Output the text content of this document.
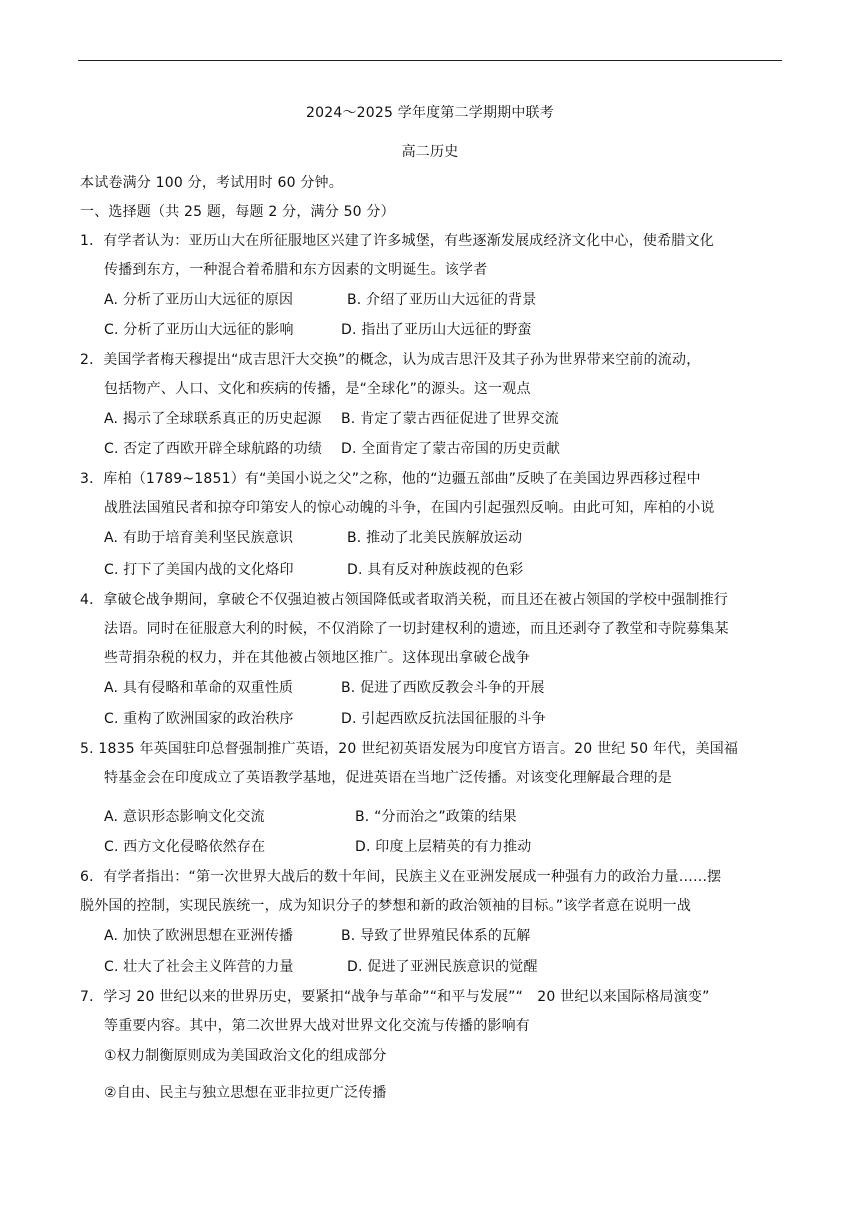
2024～2025 学年度第二学期期中联考
高二历史
本试卷满分 100 分，考试用时 60 分钟。
一、选择题（共 25 题，每题 2 分，满分 50 分）
1．有学者认为：亚历山大在所征服地区兴建了许多城堡，有些逐渐发展成经济文化中心，使希腊文化
传播到东方，一种混合着希腊和东方因素的文明诞生。该学者
A. 分析了亚历山大远征的原因	B. 介绍了亚历山大远征的背景
C. 分析了亚历山大远征的影响	D. 指出了亚历山大远征的野蛮
2．美国学者梅天穆提出“成吉思汗大交换”的概念，认为成吉思汗及其子孙为世界带来空前的流动，
包括物产、人口、文化和疾病的传播，是“全球化”的源头。这一观点
A. 揭示了全球联系真正的历史起源 B. 肯定了蒙古西征促进了世界交流
C. 否定了西欧开辟全球航路的功绩 D. 全面肯定了蒙古帝国的历史贡献
3．库柏（1789~1851）有“美国小说之父”之称，他的“边疆五部曲”反映了在美国边界西移过程中
战胜法国殖民者和掠夺印第安人的惊心动魄的斗争，在国内引起强烈反响。由此可知，库柏的小说
A. 有助于培育美利坚民族意识	B. 推动了北美民族解放运动
C. 打下了美国内战的文化烙印	D. 具有反对种族歧视的色彩
4．拿破仑战争期间，拿破仑不仅强迫被占领国降低或者取消关税，而且还在被占领国的学校中强制推行
法语。同时在征服意大利的时候，不仅消除了一切封建权利的遗迹，而且还剥夺了教堂和寺院募集某
些苛捐杂税的权力，并在其他被占领地区推广。这体现出拿破仑战争
A. 具有侵略和革命的双重性质	B. 促进了西欧反教会斗争的开展
C. 重构了欧洲国家的政治秩序	D. 引起西欧反抗法国征服的斗争
5. 1835 年英国驻印总督强制推广英语，20 世纪初英语发展为印度官方语言。20 世纪 50 年代，美国福
特基金会在印度成立了英语教学基地，促进英语在当地广泛传播。对该变化理解最合理的是
A. 意识形态影响文化交流	B. “分而治之”政策的结果
C. 西方文化侵略依然存在	D. 印度上层精英的有力推动
6．有学者指出：“第一次世界大战后的数十年间，民族主义在亚洲发展成一种强有力的政治力量……摆
脱外国的控制，实现民族统一，成为知识分子的梦想和新的政治领袖的目标。”该学者意在说明一战
A. 加快了欧洲思想在亚洲传播	B. 导致了世界殖民体系的瓦解
C. 壮大了社会主义阵营的力量	D. 促进了亚洲民族意识的觉醒
7．学习 20 世纪以来的世界历史，要紧扣“战争与革命”“和平与发展”“　20 世纪以来国际格局演变”
等重要内容。其中，第二次世界大战对世界文化交流与传播的影响有
①权力制衡原则成为美国政治文化的组成部分
②自由、民主与独立思想在亚非拉更广泛传播
